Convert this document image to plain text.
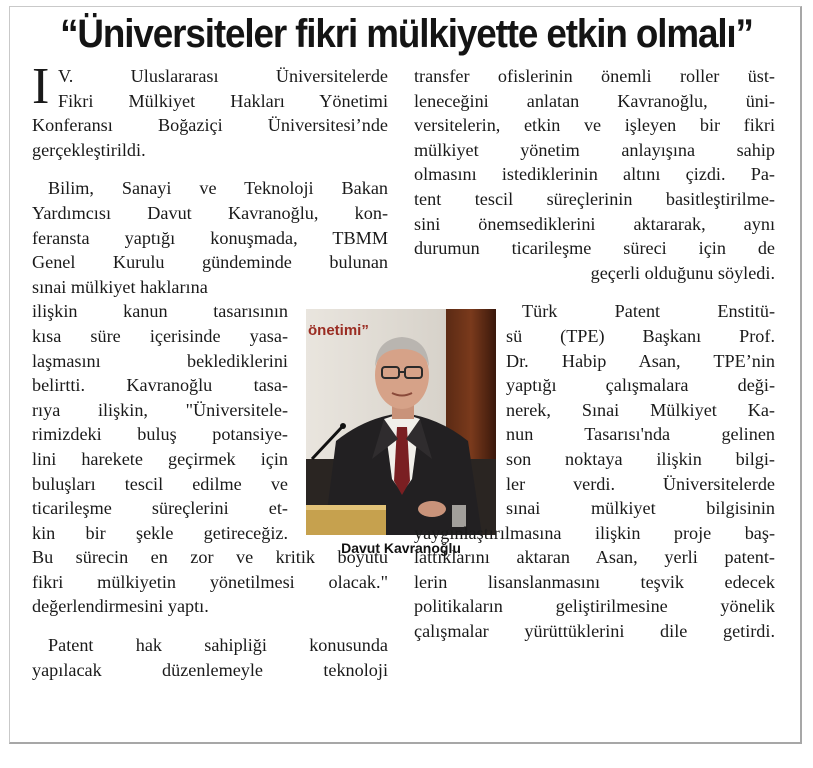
“Üniversiteler fikri mülkiyette etkin olmalı”
I V. Uluslararası Üniversitelerde
Fikri Mülkiyet Hakları Yönetimi
Konferansı Boğaziçi Üniversitesi’nde
gerçekleştirildi.
Bilim, Sanayi ve Teknoloji Bakan
Yardımcısı Davut Kavranoğlu, kon-
feransta yaptığı konuşmada, TBMM
Genel Kurulu gündeminde bulunan
sınai mülkiyet haklarına
ilişkin kanun tasarısının
kısa süre içerisinde yasa-
laşmasını beklediklerini
belirtti. Kavranoğlu tasa-
rıya ilişkin, "Üniversitele-
rimizdeki buluş potansiye-
lini harekete geçirmek için
buluşları tescil edilme ve
ticarileşme süreçlerini et-
kin bir şekle getireceğiz.
Bu sürecin en zor ve kritik boyutu
fikri mülkiyetin yönetilmesi olacak."
değerlendirmesini yaptı.
Patent hak sahipliği konusunda
yapılacak düzenlemeyle teknoloji
önetimi”
Davut Kavranoğlu
transfer ofislerinin önemli roller üst-
leneceğini anlatan Kavranoğlu, üni-
versitelerin, etkin ve işleyen bir fikri
mülkiyet yönetim anlayışına sahip
olmasını istediklerinin altını çizdi. Pa-
tent tescil süreçlerinin basitleştirilme-
sini önemsediklerini aktararak, aynı
durumun ticarileşme süreci için de
geçerli olduğunu söyledi.
Türk Patent Enstitü-
sü (TPE) Başkanı Prof.
Dr. Habip Asan, TPE’nin
yaptığı çalışmalara deği-
nerek, Sınai Mülkiyet Ka-
nun Tasarısı'nda gelinen
son noktaya ilişkin bilgi-
ler verdi. Üniversitelerde
sınai mülkiyet bilgisinin
yaygınlaştırılmasına ilişkin proje baş-
lattıklarını aktaran Asan, yerli patent-
lerin lisanslanmasını teşvik edecek
politikaların geliştirilmesine yönelik
çalışmalar yürüttüklerini dile getirdi.
